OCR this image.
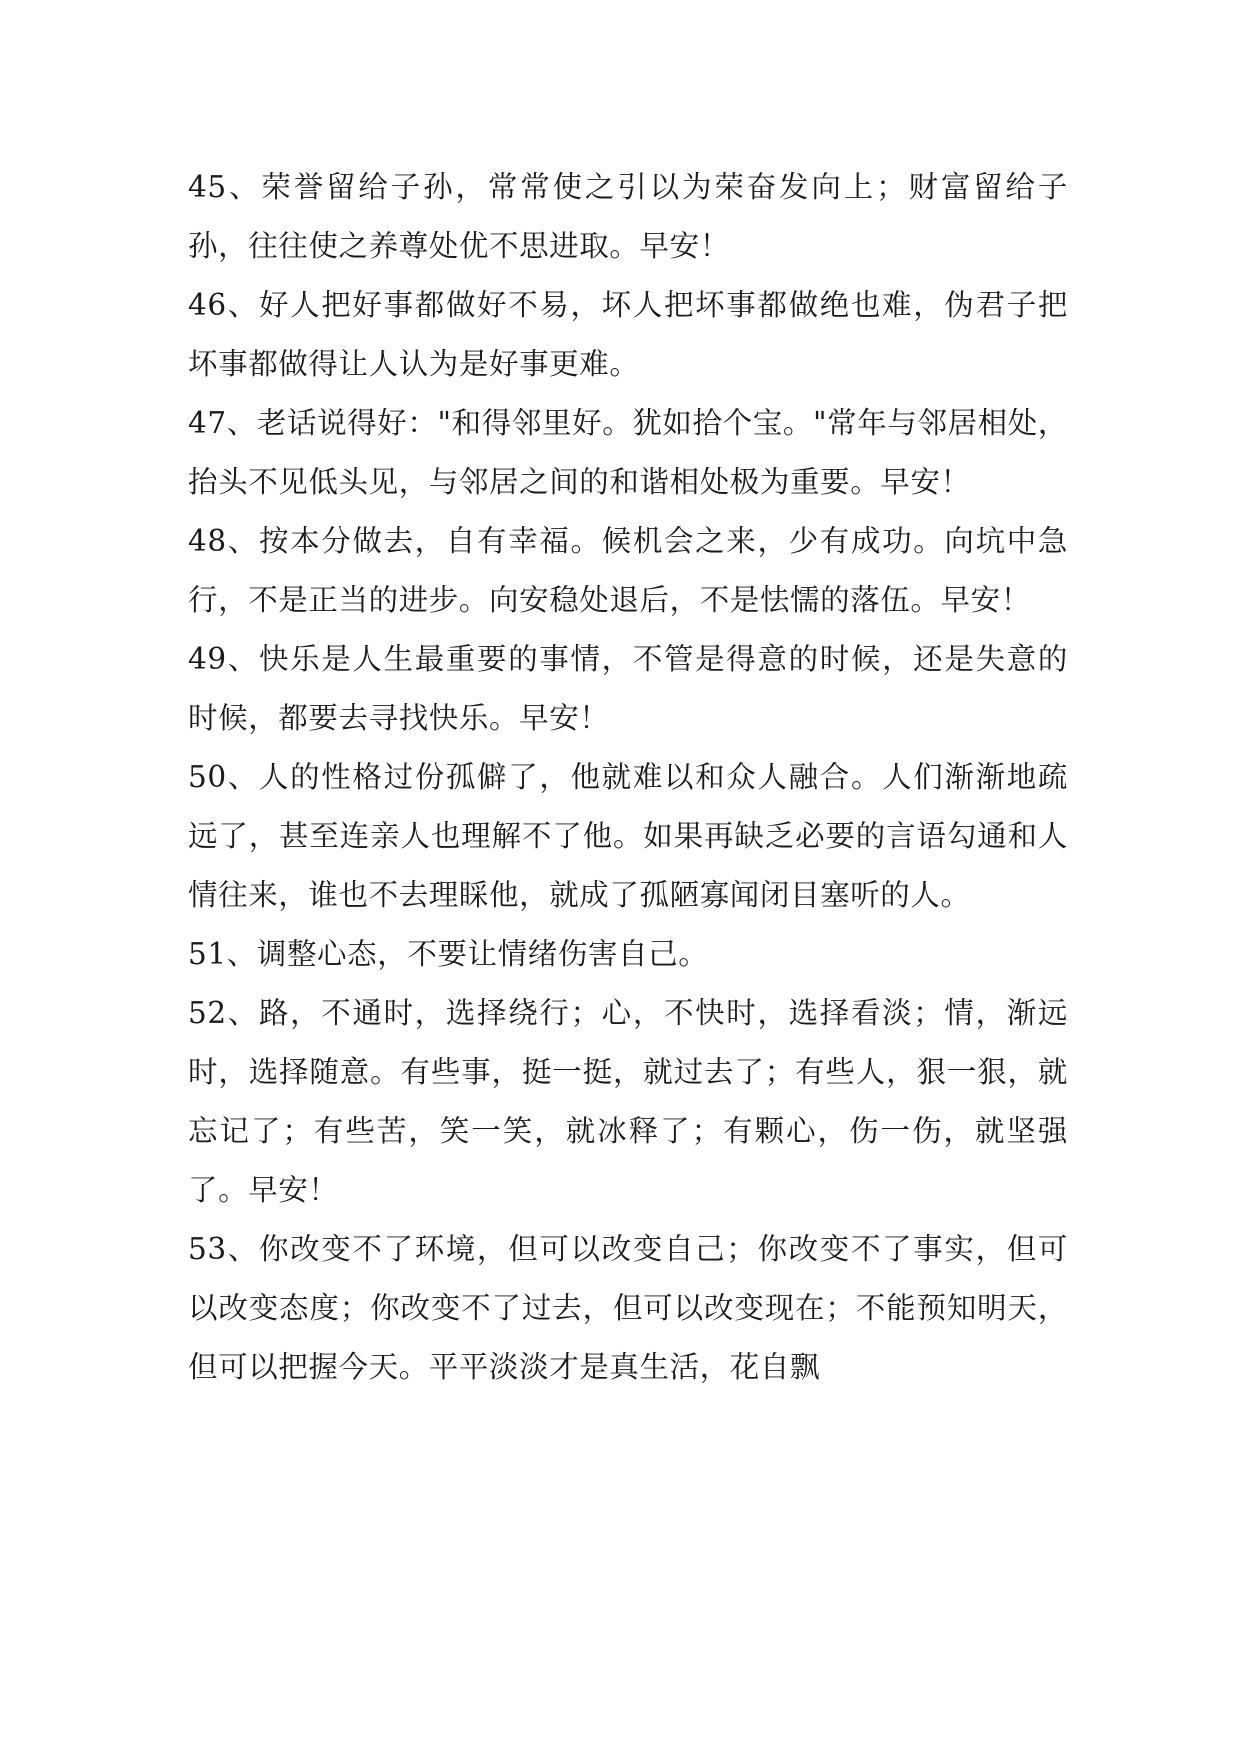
45、荣誉留给子孙，常常使之引以为荣奋发向上；财富留给子孙，往往使之养尊处优不思进取。早安！

46、好人把好事都做好不易，坏人把坏事都做绝也难，伪君子把坏事都做得让人认为是好事更难。

47、老话说得好："和得邻里好。犹如拾个宝。"常年与邻居相处，抬头不见低头见，与邻居之间的和谐相处极为重要。早安！

48、按本分做去，自有幸福。候机会之来，少有成功。向坑中急行，不是正当的进步。向安稳处退后，不是怯懦的落伍。早安！

49、快乐是人生最重要的事情，不管是得意的时候，还是失意的时候，都要去寻找快乐。早安！

50、人的性格过份孤僻了，他就难以和众人融合。人们渐渐地疏远了，甚至连亲人也理解不了他。如果再缺乏必要的言语勾通和人情往来，谁也不去理睬他，就成了孤陋寡闻闭目塞听的人。

51、调整心态，不要让情绪伤害自己。

52、路，不通时，选择绕行；心，不快时，选择看淡；情，渐远时，选择随意。有些事，挺一挺，就过去了；有些人，狠一狠，就忘记了；有些苦，笑一笑，就冰释了；有颗心，伤一伤，就坚强了。早安！

53、你改变不了环境，但可以改变自己；你改变不了事实，但可以改变态度；你改变不了过去，但可以改变现在；不能预知明天，但可以把握今天。平平淡淡才是真生活，花自飘
